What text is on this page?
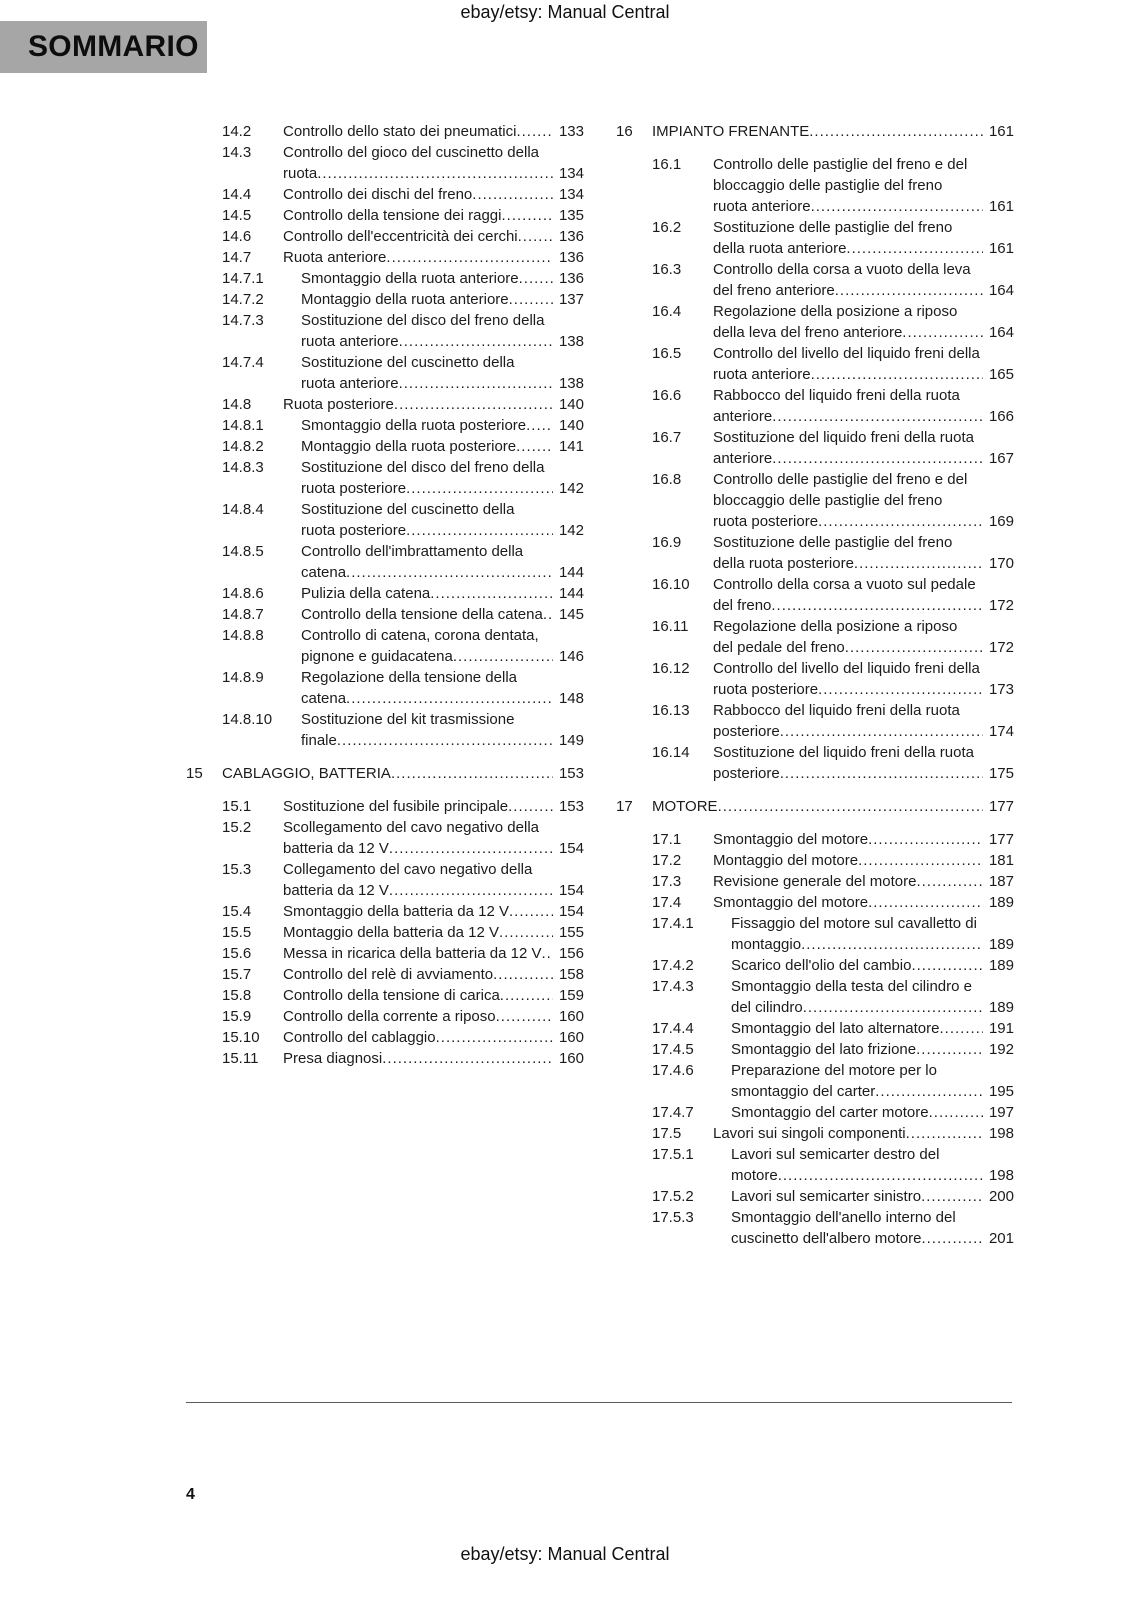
ebay/etsy: Manual Central
SOMMARIO
14.2	Controllo dello stato dei pneumatici .....	133
14.3	Controllo del gioco del cuscinetto della ruota .....	134
14.4	Controllo dei dischi del freno .....	134
14.5	Controllo della tensione dei raggi .....	135
14.6	Controllo dell'eccentricità dei cerchi .....	136
14.7	Ruota anteriore .....	136
14.7.1	Smontaggio della ruota anteriore .....	136
14.7.2	Montaggio della ruota anteriore .....	137
14.7.3	Sostituzione del disco del freno della ruota anteriore .....	138
14.7.4	Sostituzione del cuscinetto della ruota anteriore .....	138
14.8	Ruota posteriore .....	140
14.8.1	Smontaggio della ruota posteriore .....	140
14.8.2	Montaggio della ruota posteriore .....	141
14.8.3	Sostituzione del disco del freno della ruota posteriore .....	142
14.8.4	Sostituzione del cuscinetto della ruota posteriore .....	142
14.8.5	Controllo dell'imbrattamento della catena .....	144
14.8.6	Pulizia della catena .....	144
14.8.7	Controllo della tensione della catena .....	145
14.8.8	Controllo di catena, corona dentata, pignone e guidacatena .....	146
14.8.9	Regolazione della tensione della catena .....	148
14.8.10	Sostituzione del kit trasmissione finale .....	149
15	CABLAGGIO, BATTERIA .....	153
15.1	Sostituzione del fusibile principale .....	153
15.2	Scollegamento del cavo negativo della batteria da 12 V .....	154
15.3	Collegamento del cavo negativo della batteria da 12 V .....	154
15.4	Smontaggio della batteria da 12 V .....	154
15.5	Montaggio della batteria da 12 V .....	155
15.6	Messa in ricarica della batteria da 12 V .....	156
15.7	Controllo del relè di avviamento .....	158
15.8	Controllo della tensione di carica .....	159
15.9	Controllo della corrente a riposo .....	160
15.10	Controllo del cablaggio .....	160
15.11	Presa diagnosi .....	160
16	IMPIANTO FRENANTE .....	161
16.1	Controllo delle pastiglie del freno e del bloccaggio delle pastiglie del freno ruota anteriore .....	161
16.2	Sostituzione delle pastiglie del freno della ruota anteriore .....	161
16.3	Controllo della corsa a vuoto della leva del freno anteriore .....	164
16.4	Regolazione della posizione a riposo della leva del freno anteriore .....	164
16.5	Controllo del livello del liquido freni della ruota anteriore .....	165
16.6	Rabbocco del liquido freni della ruota anteriore .....	166
16.7	Sostituzione del liquido freni della ruota anteriore .....	167
16.8	Controllo delle pastiglie del freno e del bloccaggio delle pastiglie del freno ruota posteriore .....	169
16.9	Sostituzione delle pastiglie del freno della ruota posteriore .....	170
16.10	Controllo della corsa a vuoto sul pedale del freno .....	172
16.11	Regolazione della posizione a riposo del pedale del freno .....	172
16.12	Controllo del livello del liquido freni della ruota posteriore .....	173
16.13	Rabbocco del liquido freni della ruota posteriore .....	174
16.14	Sostituzione del liquido freni della ruota posteriore .....	175
17	MOTORE .....	177
17.1	Smontaggio del motore .....	177
17.2	Montaggio del motore .....	181
17.3	Revisione generale del motore .....	187
17.4	Smontaggio del motore .....	189
17.4.1	Fissaggio del motore sul cavalletto di montaggio .....	189
17.4.2	Scarico dell'olio del cambio .....	189
17.4.3	Smontaggio della testa del cilindro e del cilindro .....	189
17.4.4	Smontaggio del lato alternatore .....	191
17.4.5	Smontaggio del lato frizione .....	192
17.4.6	Preparazione del motore per lo smontaggio del carter .....	195
17.4.7	Smontaggio del carter motore .....	197
17.5	Lavori sui singoli componenti .....	198
17.5.1	Lavori sul semicarter destro del motore .....	198
17.5.2	Lavori sul semicarter sinistro .....	200
17.5.3	Smontaggio dell'anello interno del cuscinetto dell'albero motore .....	201
4
ebay/etsy: Manual Central
